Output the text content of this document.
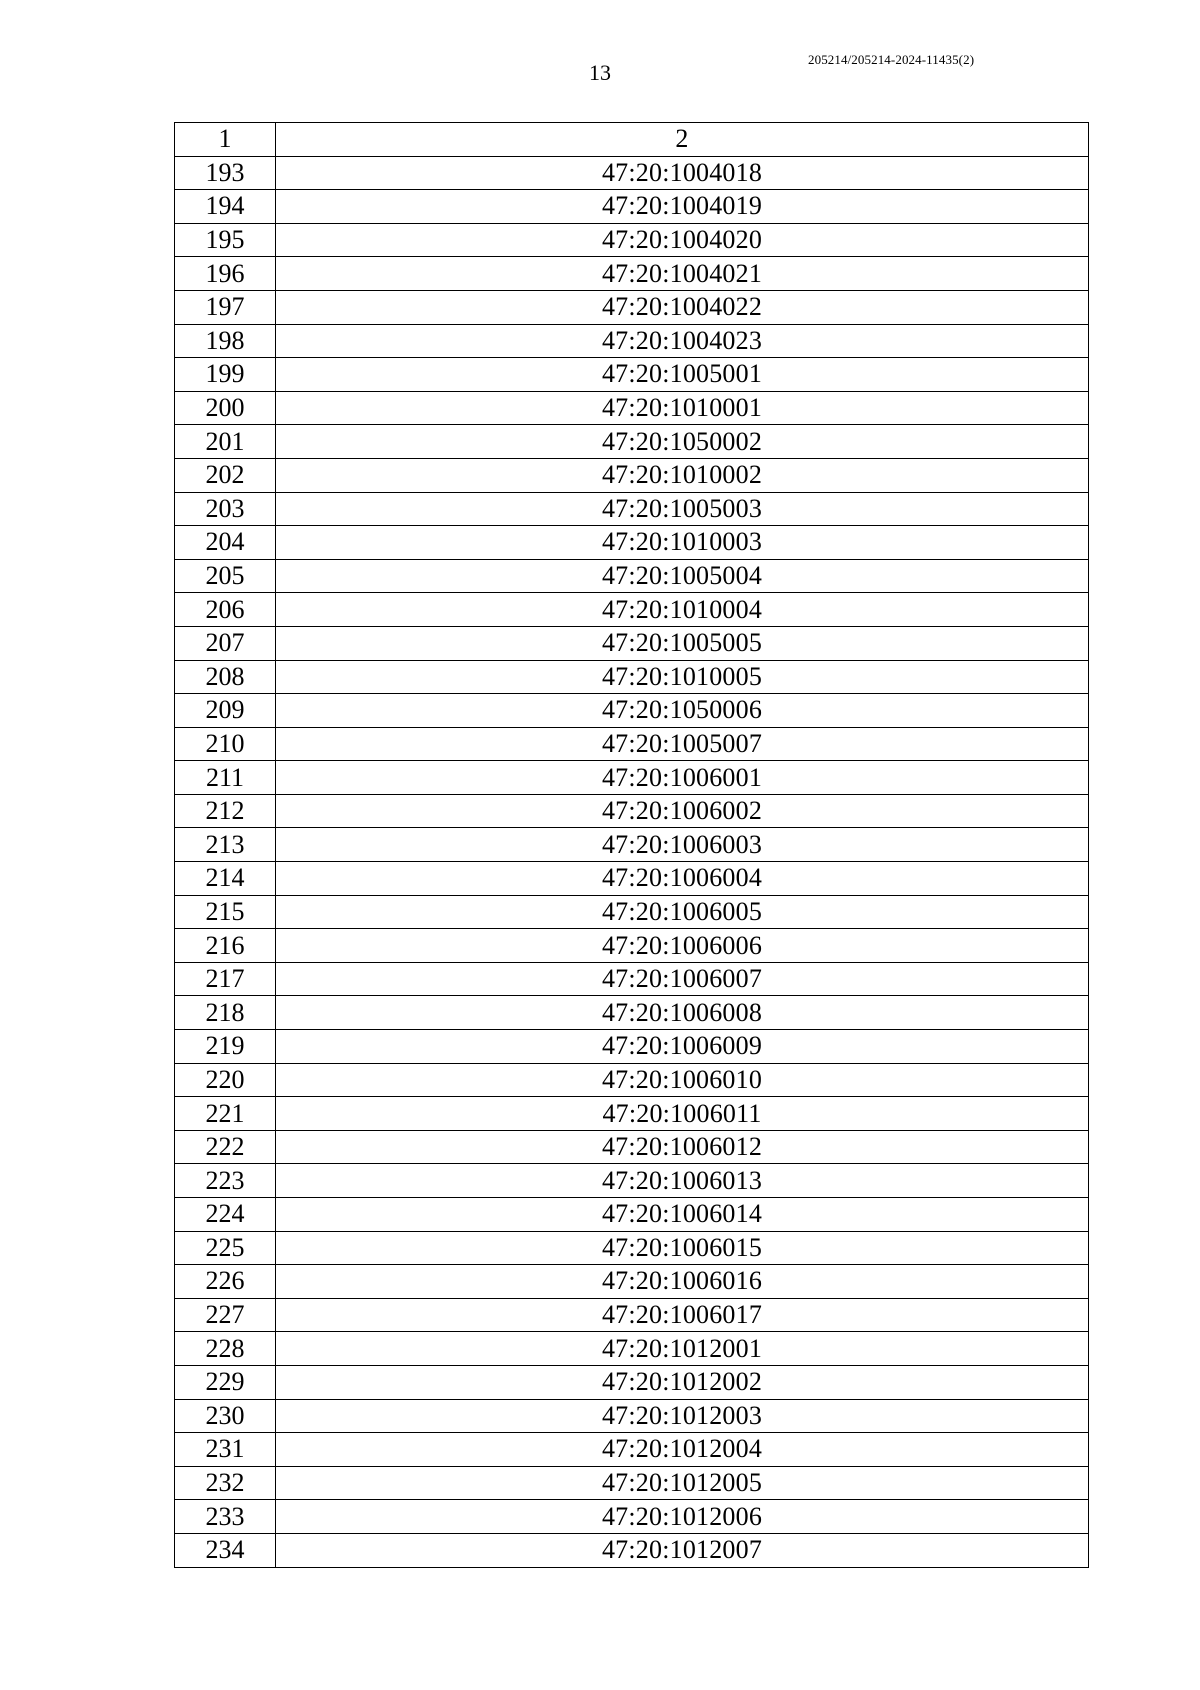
13
205214/205214-2024-11435(2)
1	2
193	47:20:1004018
194	47:20:1004019
195	47:20:1004020
196	47:20:1004021
197	47:20:1004022
198	47:20:1004023
199	47:20:1005001
200	47:20:1010001
201	47:20:1050002
202	47:20:1010002
203	47:20:1005003
204	47:20:1010003
205	47:20:1005004
206	47:20:1010004
207	47:20:1005005
208	47:20:1010005
209	47:20:1050006
210	47:20:1005007
211	47:20:1006001
212	47:20:1006002
213	47:20:1006003
214	47:20:1006004
215	47:20:1006005
216	47:20:1006006
217	47:20:1006007
218	47:20:1006008
219	47:20:1006009
220	47:20:1006010
221	47:20:1006011
222	47:20:1006012
223	47:20:1006013
224	47:20:1006014
225	47:20:1006015
226	47:20:1006016
227	47:20:1006017
228	47:20:1012001
229	47:20:1012002
230	47:20:1012003
231	47:20:1012004
232	47:20:1012005
233	47:20:1012006
234	47:20:1012007
